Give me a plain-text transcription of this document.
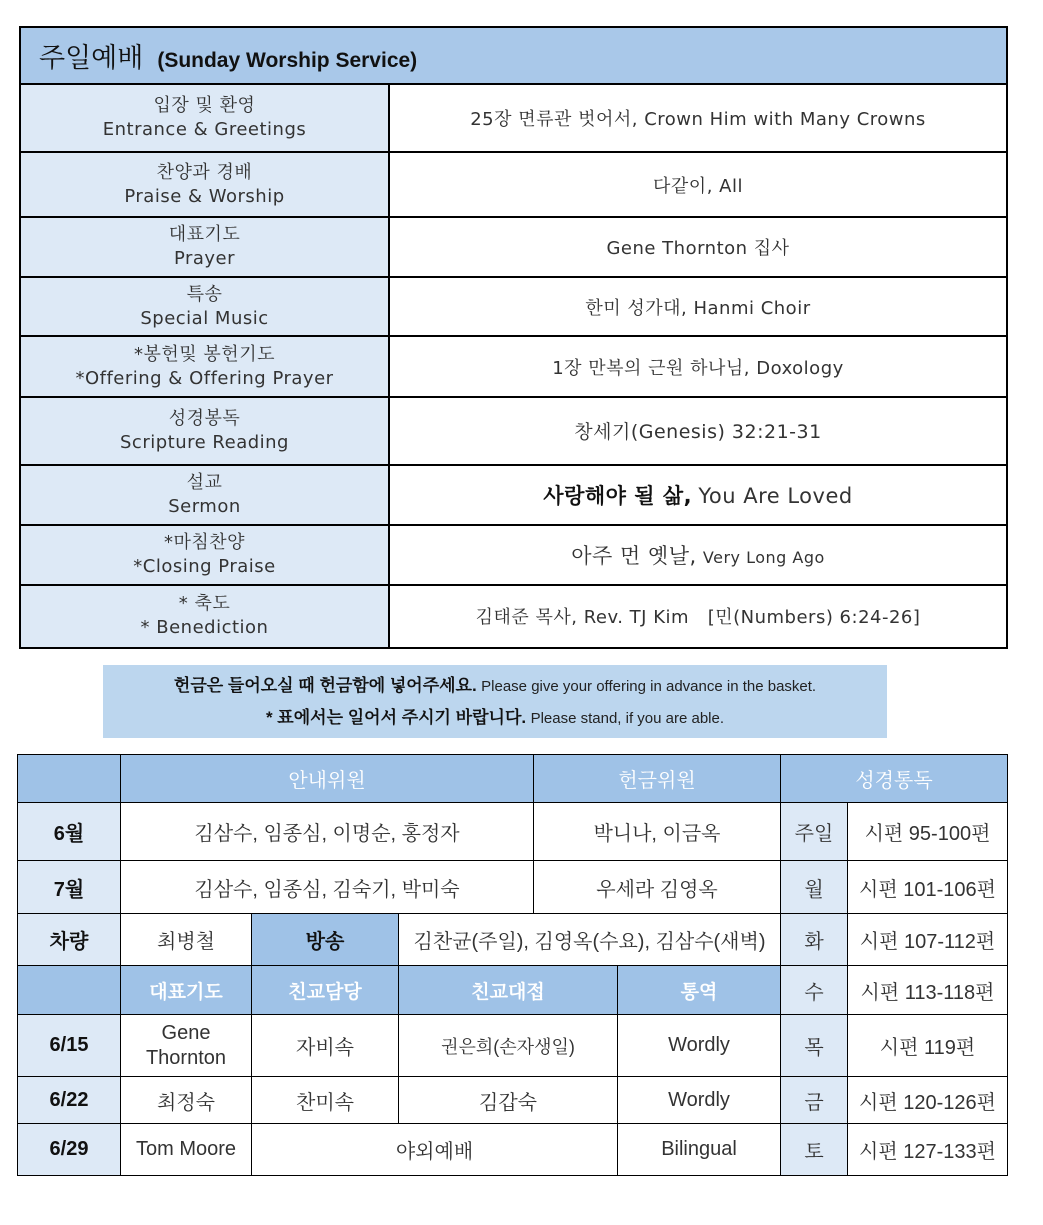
주일예배 (Sunday Worship Service)	

입장 및 환영
Entrance & Greetings	25장 면류관 벗어서, Crown Him with Many Crowns

찬양과 경배
Praise & Worship	다같이, All

대표기도
Prayer	Gene Thornton 집사

특송
Special Music	한미 성가대, Hanmi Choir

*봉헌및 봉헌기도
*Offering & Offering Prayer	1장 만복의 근원 하나님, Doxology

성경봉독
Scripture Reading	창세기(Genesis) 32:21-31

설교
Sermon	사랑해야 될 삶, You Are Loved

*마침찬양
*Closing Praise	아주 먼 옛날, Very Long Ago

* 축도
* Benediction	김태준 목사, Rev. TJ Kim   [민(Numbers) 6:24-26]
헌금은 들어오실 때 헌금함에 넣어주세요. Please give your offering in advance in the basket.
* 표에서는 일어서 주시기 바랍니다. Please stand, if you are able.
	안내위원			헌금위원		성경통독	
6월	김삼수, 임종심, 이명순, 홍정자			박니나, 이금옥		주일	시편 95-100편
7월	김삼수, 임종심, 김숙기, 박미숙			우세라 김영옥		월	시편 101-106편
차량	최병철	방송	김찬균(주일), 김영옥(수요), 김삼수(새벽)			화	시편 107-112편
	대표기도	친교담당	친교대접		통역	수	시편 113-118편
6/15	Gene
Thornton	자비속	권은희(손자생일)		Wordly	목	시편 119편
6/22	최정숙	찬미속	김갑숙		Wordly	금	시편 120-126편
6/29	Tom Moore	야외예배			Bilingual	토	시편 127-133편
